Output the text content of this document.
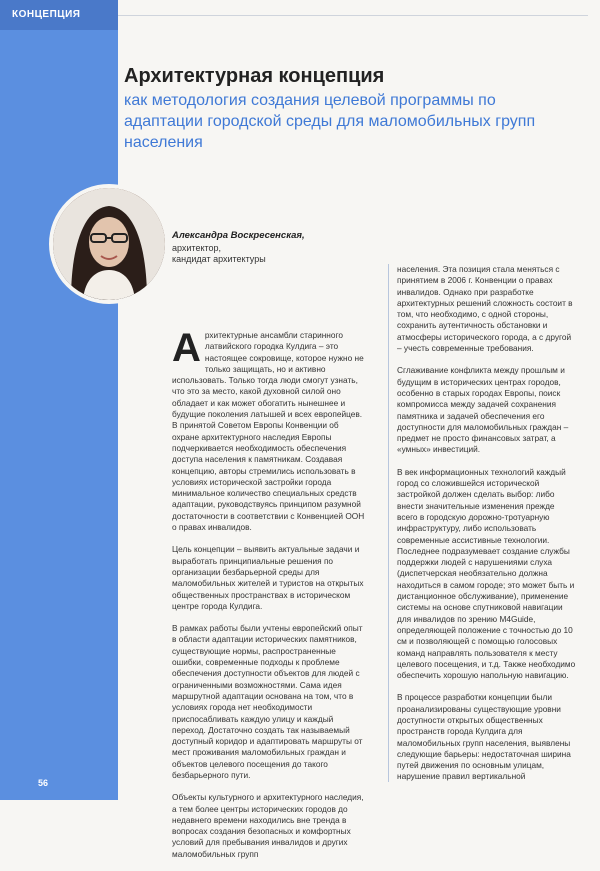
КОНЦЕПЦИЯ
Архитектурная концепция
как методология создания целевой программы по адаптации городской среды для маломобильных групп населения
Александра Воскресенская,
архитектор,
кандидат архитектуры

Архитектурные ансамбли старинного латвийского городка Кулдига – это настоящее сокровище, которое нужно не только защищать, но и активно использовать. Только тогда люди смогут узнать, что это за место, какой духовной силой оно обладает и как может обогатить нынешнее и будущие поколения латышей и всех европейцев. В принятой Советом Европы Конвенции об охране архитектурного наследия Европы подчеркивается необходимость обеспечения доступа населения к памятникам. Создавая концепцию, авторы стремились использовать в условиях исторической застройки города минимальное количество специальных средств адаптации, руководствуясь принципом разумной достаточности в соответствии с Конвенцией ООН о правах инвалидов.

Цель концепции – выявить актуальные задачи и выработать принципиальные решения по организации безбарьерной среды для маломобильных жителей и туристов на открытых общественных пространствах в историческом центре города Кулдига.

В рамках работы были учтены европейский опыт в области адаптации исторических памятников, существующие нормы, распространенные ошибки, современные подходы к проблеме обеспечения доступности объектов для людей с ограниченными возможностями. Сама идея маршрутной адаптации основана на том, что в условиях города нет необходимости приспосабливать каждую улицу и каждый переход. Достаточно создать так называемый доступный коридор и адаптировать маршруты от мест проживания маломобильных граждан и объектов целевого посещения до такого безбарьерного пути.

Объекты культурного и архитектурного наследия, а тем более центры исторических городов до недавнего времени находились вне трендa в вопросах создания безопасных и комфортных условий для пребывания инвалидов и других маломобильных групп

населения. Эта позиция стала меняться с принятием в 2006 г. Конвенции о правах инвалидов. Однако при разработке архитектурных решений сложность состоит в том, что необходимо, с одной стороны, сохранить аутентичность обстановки и атмосферы исторического города, а с другой – учесть современные требования.

Сглаживание конфликта между прошлым и будущим в исторических центрах городов, особенно в старых городах Европы, поиск компромисса между задачей сохранения памятника и задачей обеспечения его доступности для маломобильных граждан – предмет не просто финансовых затрат, а «умных» инвестиций.

В век информационных технологий каждый город со сложившейся исторической застройкой должен сделать выбор: либо внести значительные изменения прежде всего в городскую дорожно-тротуарную инфраструктуру, либо использовать современные ассистивные технологии. Последнее подразумевает создание службы поддержки людей с нарушениями слуха (диспетчерская необязательно должна находиться в самом городе; это может быть и дистанционное обслуживание), применение системы на основе спутниковой навигации для инвалидов по зрению M4Guide, определяющей положение с точностью до 10 см и позволяющей с помощью голосовых команд направлять пользователя к месту целевого посещения, и т.д. Также необходимо обеспечить хорошую напольную навигацию.

В процессе разработки концепции были проанализированы существующие уровни доступности открытых общественных пространств города Кулдига для маломобильных групп населения, выявлены следующие барьеры: недостаточная ширина путей движения по основным улицам, нарушение правил вертикальной

56
